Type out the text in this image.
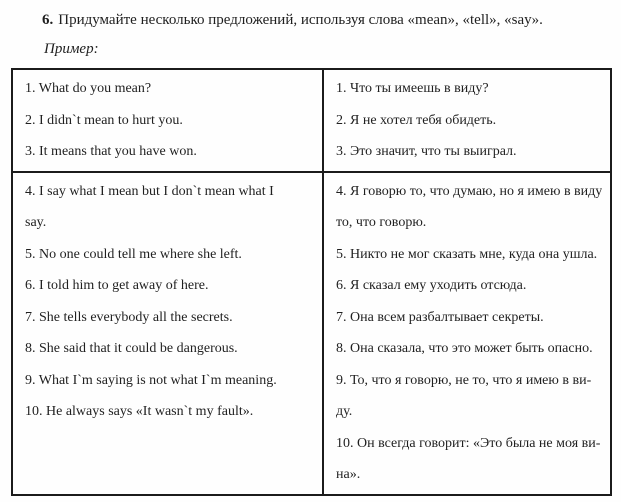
6. Придумайте несколько предложений, используя слова «mean», «tell», «say».
Пример:
1. What do you mean?
2. I didn`t mean to hurt you.
3. It means that you have won.

1. Что ты имеешь в виду?
2. Я не хотел тебя обидеть.
3. Это значит, что ты выиграл.

4. I say what I mean but I don`t mean what I
say.
5. No one could tell me where she left.
6. I told him to get away of here.
7. She tells everybody all the secrets.
8. She said that it could be dangerous.
9. What I`m saying is not what I`m meaning.
10. He always says «It wasn`t my fault».

4. Я говорю то, что думаю, но я имею в виду
то, что говорю.
5. Никто не мог сказать мне, куда она ушла.
6. Я сказал ему уходить отсюда.
7. Она всем разбалтывает секреты.
8. Она сказала, что это может быть опасно.
9. То, что я говорю, не то, что я имею в ви-
ду.
10. Он всегда говорит: «Это была не моя ви-
на».
